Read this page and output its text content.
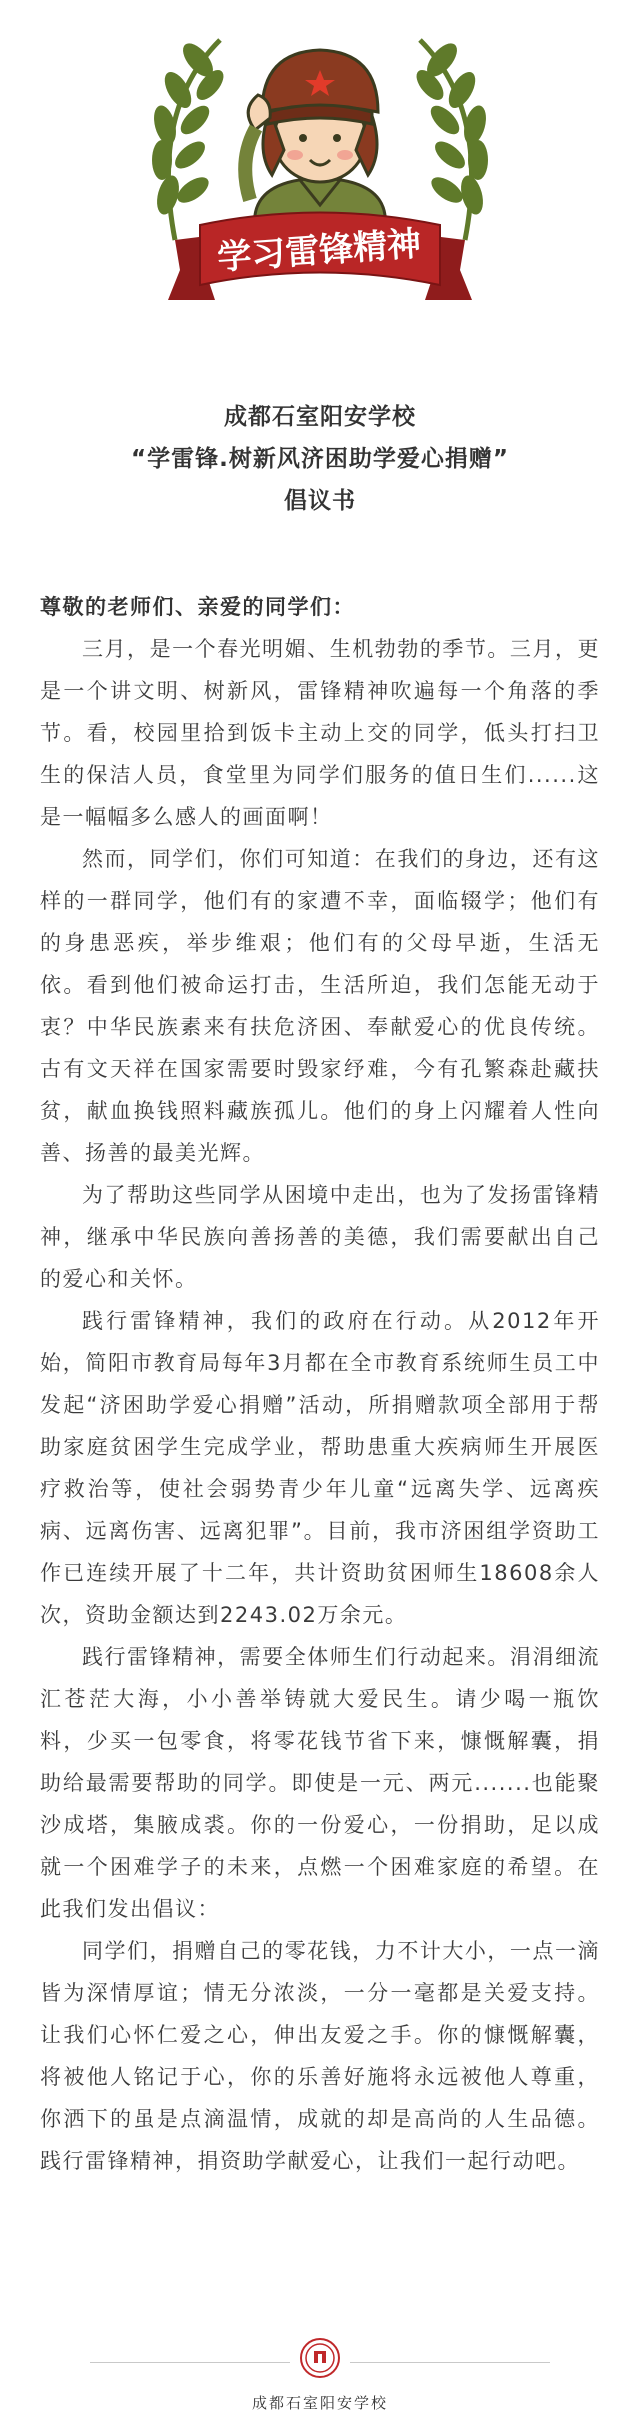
学习雷锋精神
成都石室阳安学校
“学雷锋.树新风济困助学爱心捐赠”
倡议书
尊敬的老师们、亲爱的同学们：

三月，是一个春光明媚、生机勃勃的季节。三月，更是一个讲文明、树新风，雷锋精神吹遍每一个角落的季节。看，校园里拾到饭卡主动上交的同学，低头打扫卫生的保洁人员，食堂里为同学们服务的值日生们......这是一幅幅多么感人的画面啊！

然而，同学们，你们可知道：在我们的身边，还有这样的一群同学，他们有的家遭不幸，面临辍学；他们有的身患恶疾，举步维艰；他们有的父母早逝，生活无依。看到他们被命运打击，生活所迫，我们怎能无动于衷？中华民族素来有扶危济困、奉献爱心的优良传统。古有文天祥在国家需要时毁家纾难，今有孔繁森赴藏扶贫，献血换钱照料藏族孤儿。他们的身上闪耀着人性向善、扬善的最美光辉。

为了帮助这些同学从困境中走出，也为了发扬雷锋精神，继承中华民族向善扬善的美德，我们需要献出自己的爱心和关怀。

践行雷锋精神，我们的政府在行动。从2012年开始，简阳市教育局每年3月都在全市教育系统师生员工中发起“济困助学爱心捐赠”活动，所捐赠款项全部用于帮助家庭贫困学生完成学业，帮助患重大疾病师生开展医疗救治等，使社会弱势青少年儿童“远离失学、远离疾病、远离伤害、远离犯罪”。目前，我市济困组学资助工作已连续开展了十二年，共计资助贫困师生18608余人次，资助金额达到2243.02万余元。

践行雷锋精神，需要全体师生们行动起来。涓涓细流汇苍茫大海，小小善举铸就大爱民生。请少喝一瓶饮料，少买一包零食，将零花钱节省下来，慷慨解囊，捐助给最需要帮助的同学。即使是一元、两元.......也能聚沙成塔，集腋成裘。你的一份爱心，一份捐助，足以成就一个困难学子的未来，点燃一个困难家庭的希望。在此我们发出倡议：

同学们，捐赠自己的零花钱，力不计大小，一点一滴皆为深情厚谊；情无分浓淡，一分一毫都是关爱支持。让我们心怀仁爱之心，伸出友爱之手。你的慷慨解囊，将被他人铭记于心，你的乐善好施将永远被他人尊重，你洒下的虽是点滴温情，成就的却是高尚的人生品德。践行雷锋精神，捐资助学献爱心，让我们一起行动吧。

成都石室阳安学校
